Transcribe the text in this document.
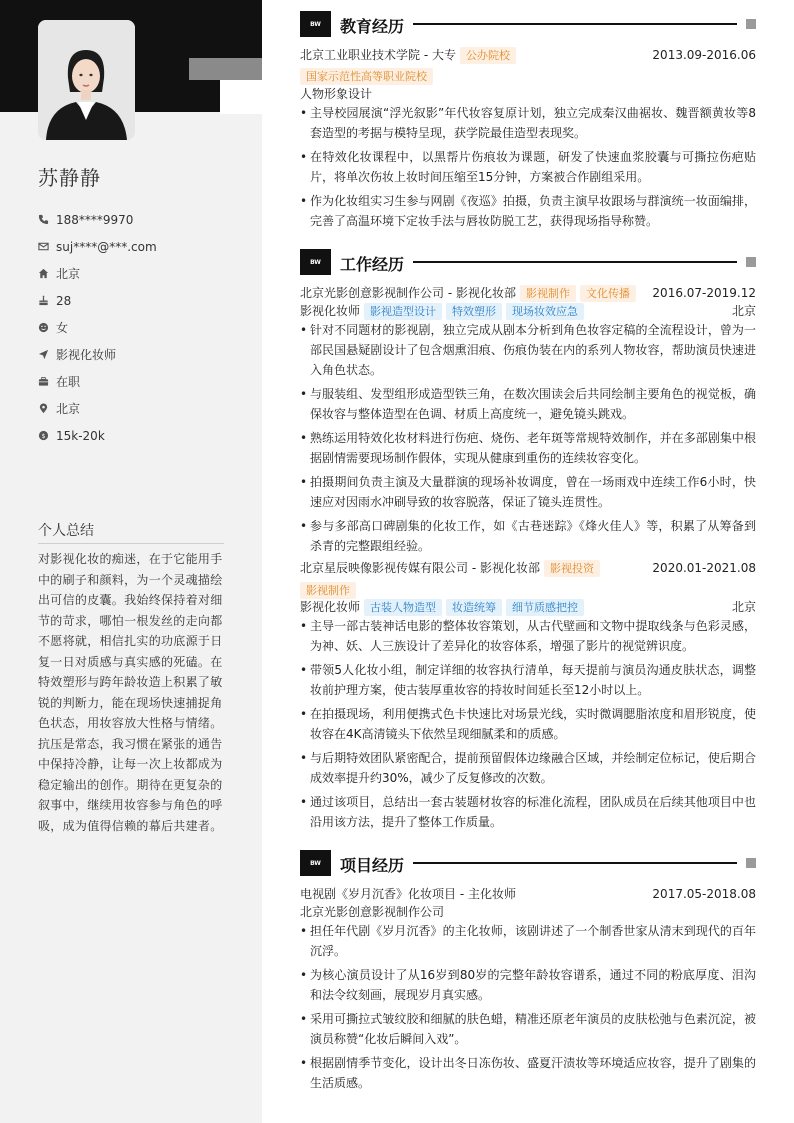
苏静静
188****9970
suj****@***.com
北京
28
女
影视化妆师
在职
北京
$ 15k-20k
个人总结
对影视化妆的痴迷，在于它能用手中的刷子和颜料，为一个灵魂描绘出可信的皮囊。我始终保持着对细节的苛求，哪怕一根发丝的走向都不愿将就，相信扎实的功底源于日复一日对质感与真实感的死磕。在特效塑形与跨年龄妆造上积累了敏锐的判断力，能在现场快速捕捉角色状态，用妆容放大性格与情绪。抗压是常态，我习惯在紧张的通告中保持冷静，让每一次上妆都成为稳定输出的创作。期待在更复杂的叙事中，继续用妆容参与角色的呼吸，成为值得信赖的幕后共建者。
BW	教育经历
北京工业职业技术学院 - 大专 公办院校	2013.09-2016.06
国家示范性高等职业院校
人物形象设计
• 主导校园展演“浮光叙影”年代妆容复原计划，独立完成秦汉曲裾妆、魏晋额黄妆等8套造型的考据与模特呈现，获学院最佳造型表现奖。
• 在特效化妆课程中，以黑帮片伤痕妆为课题，研发了快速血浆胶囊与可撕拉伤疤贴片，将单次伤妆上妆时间压缩至15分钟，方案被合作剧组采用。
• 作为化妆组实习生参与网剧《夜巡》拍摄，负责主演早妆跟场与群演统一妆面编排，完善了高温环境下定妆手法与唇妆防脱工艺，获得现场指导称赞。
BW	工作经历
北京光影创意影视制作公司 - 影视化妆部 影视制作 文化传播 2016.07-2019.12
影视化妆师 影视造型设计 特效塑形 现场妆效应急	北京
• 针对不同题材的影视剧，独立完成从剧本分析到角色妆容定稿的全流程设计，曾为一部民国悬疑剧设计了包含烟熏泪痕、伤痕伪装在内的系列人物妆容，帮助演员快速进入角色状态。
• 与服装组、发型组形成造型铁三角，在数次围读会后共同绘制主要角色的视觉板，确保妆容与整体造型在色调、材质上高度统一，避免镜头跳戏。
• 熟练运用特效化妆材料进行伤疤、烧伤、老年斑等常规特效制作，并在多部剧集中根据剧情需要现场制作假体，实现从健康到重伤的连续妆容变化。
• 拍摄期间负责主演及大量群演的现场补妆调度，曾在一场雨戏中连续工作6小时，快速应对因雨水冲刷导致的妆容脱落，保证了镜头连贯性。
• 参与多部高口碑剧集的化妆工作，如《古巷迷踪》《烽火佳人》等，积累了从筹备到杀青的完整跟组经验。
北京星辰映像影视传媒有限公司 - 影视化妆部 影视投资	2020.01-2021.08
影视制作
影视化妆师 古装人物造型 妆造统筹 细节质感把控	北京
• 主导一部古装神话电影的整体妆容策划，从古代壁画和文物中提取线条与色彩灵感，为神、妖、人三族设计了差异化的妆容体系，增强了影片的视觉辨识度。
• 带领5人化妆小组，制定详细的妆容执行清单，每天提前与演员沟通皮肤状态，调整妆前护理方案，使古装厚重妆容的持妆时间延长至12小时以上。
• 在拍摄现场，利用便携式色卡快速比对场景光线，实时微调腮脂浓度和眉形锐度，使妆容在4K高清镜头下依然呈现细腻柔和的质感。
• 与后期特效团队紧密配合，提前预留假体边缘融合区域，并绘制定位标记，使后期合成效率提升约30%，减少了反复修改的次数。
• 通过该项目，总结出一套古装题材妆容的标准化流程，团队成员在后续其他项目中也沿用该方法，提升了整体工作质量。
BW	项目经历
电视剧《岁月沉香》化妆项目 - 主化妆师	2017.05-2018.08
北京光影创意影视制作公司
• 担任年代剧《岁月沉香》的主化妆师，该剧讲述了一个制香世家从清末到现代的百年沉浮。
• 为核心演员设计了从16岁到80岁的完整年龄妆容谱系，通过不同的粉底厚度、泪沟和法令纹刻画，展现岁月真实感。
• 采用可撕拉式皱纹胶和细腻的肤色蜡，精准还原老年演员的皮肤松弛与色素沉淀，被演员称赞“化妆后瞬间入戏”。
• 根据剧情季节变化，设计出冬日冻伤妆、盛夏汗渍妆等环境适应妆容，提升了剧集的生活质感。
